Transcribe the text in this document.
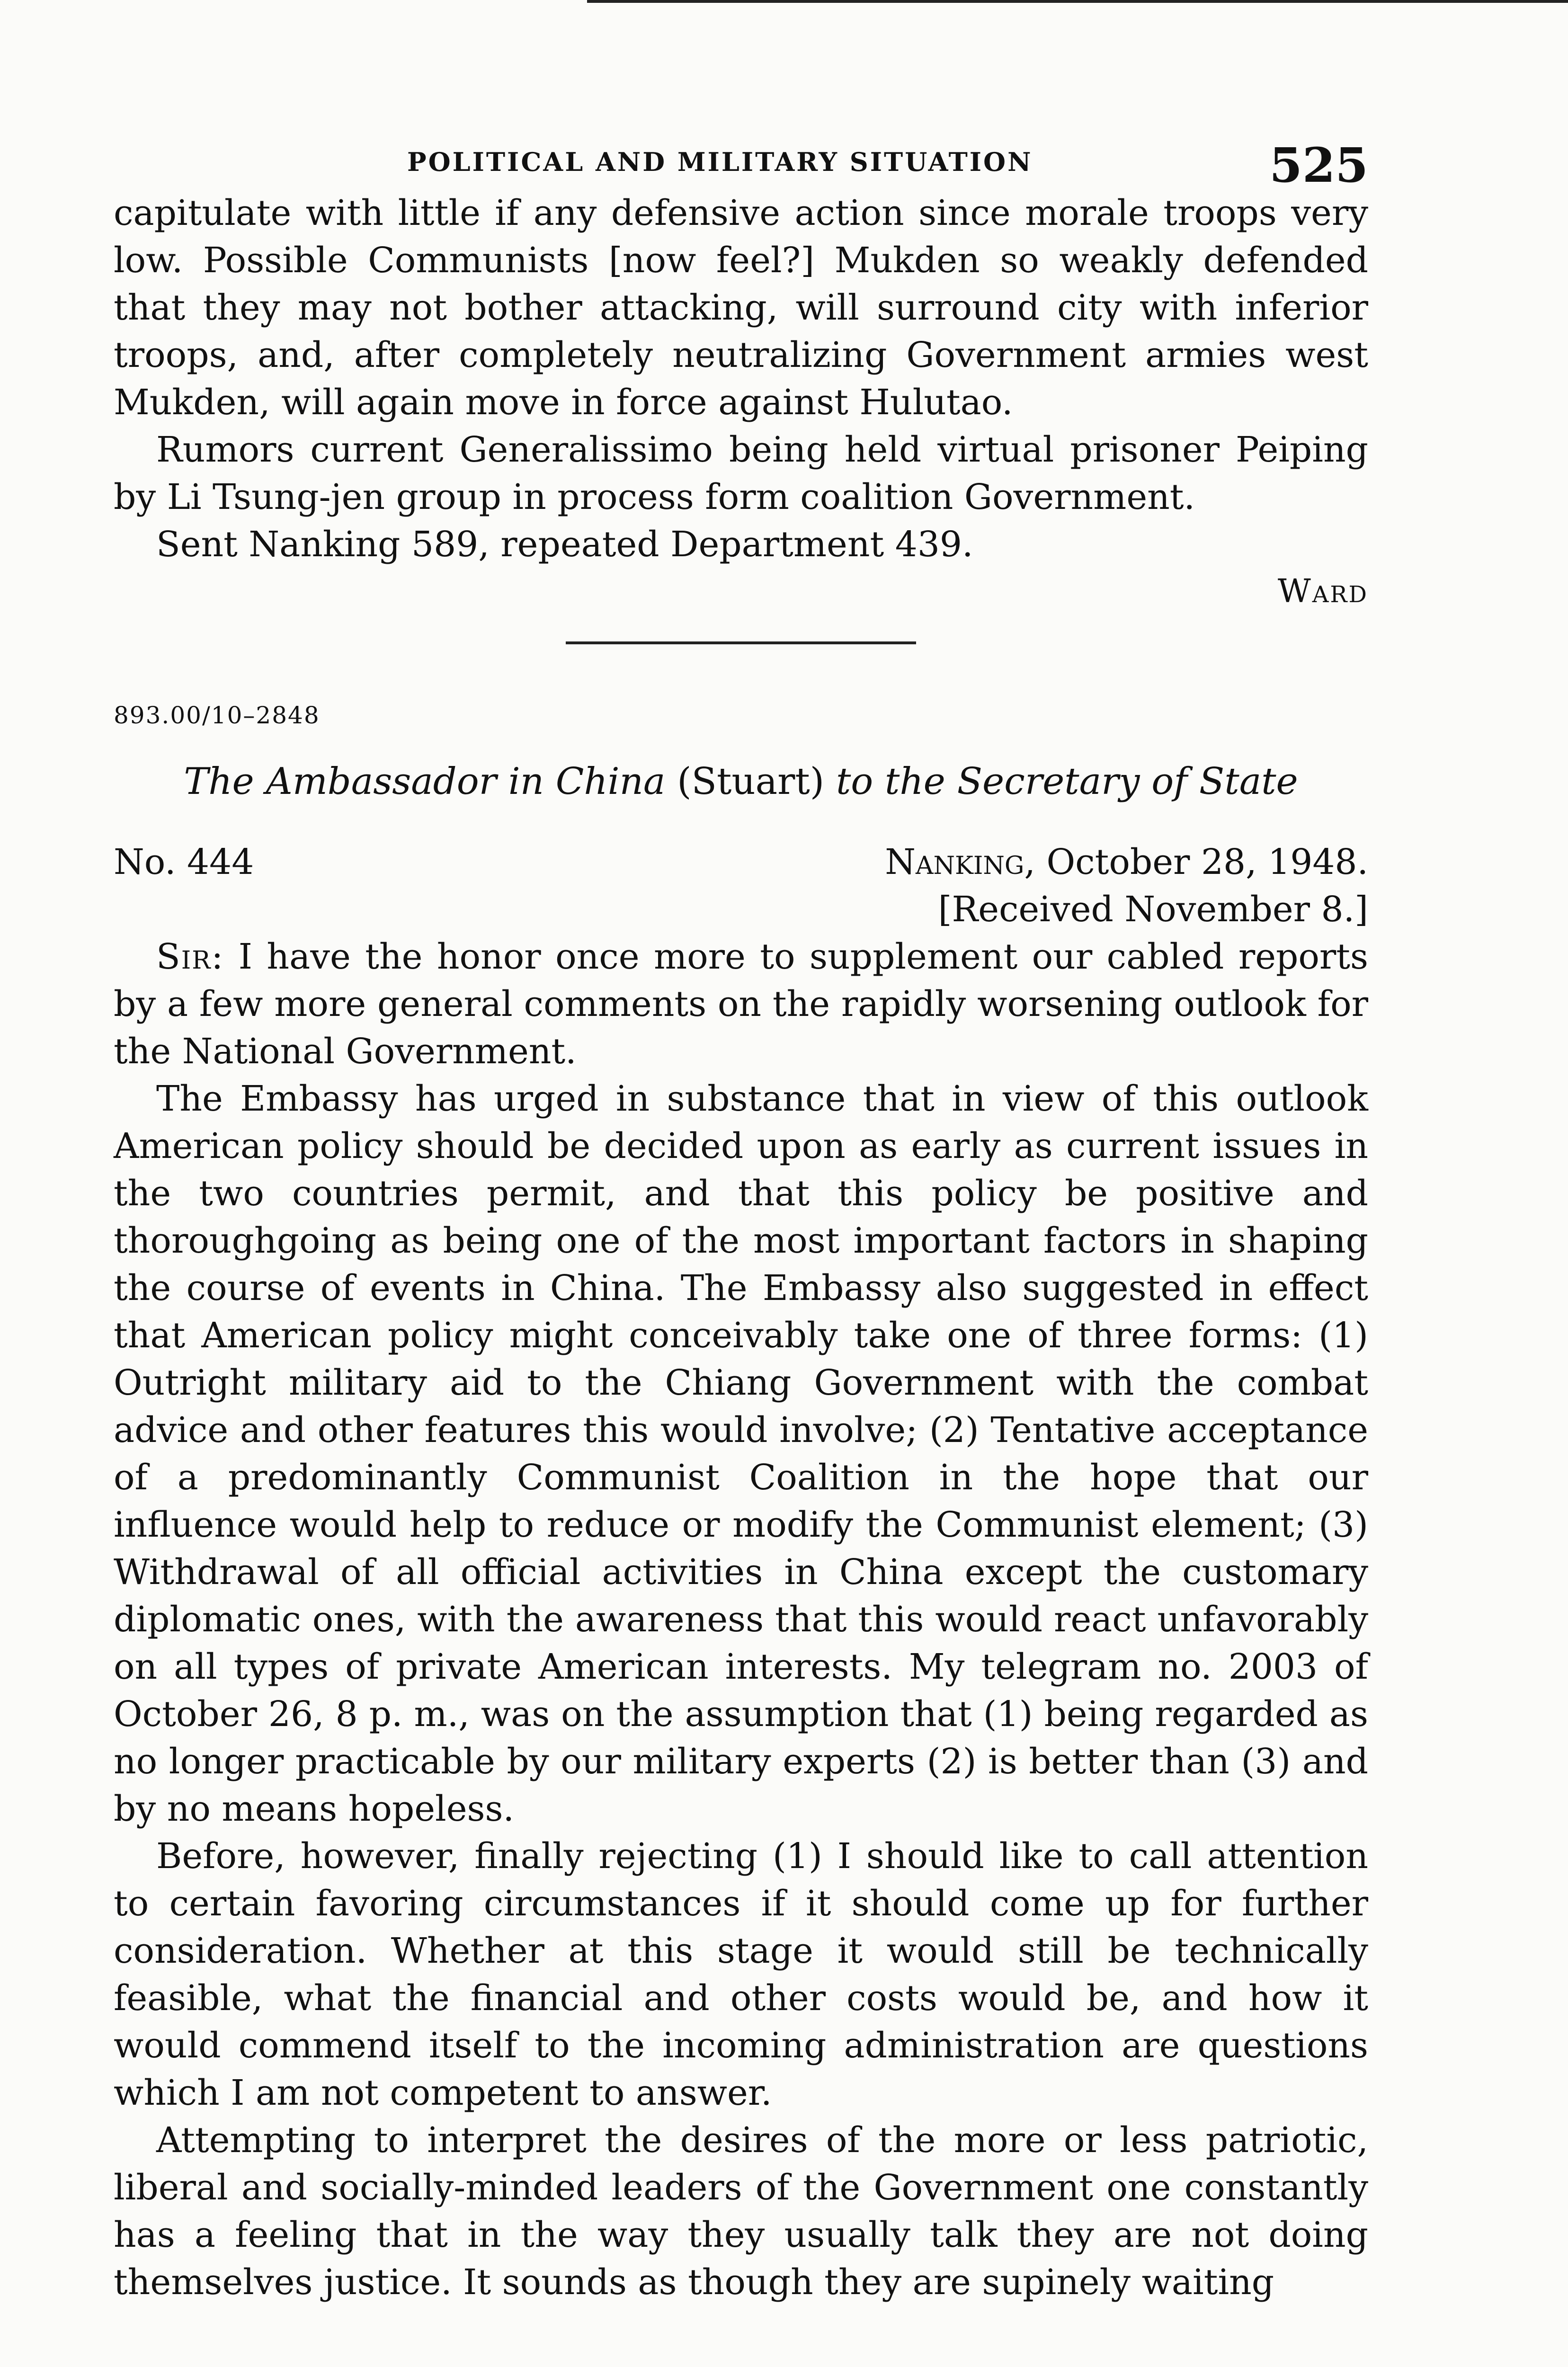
POLITICAL AND MILITARY SITUATION	525

capitulate with little if any defensive action since morale troops very low. Possible Communists [now feel?] Mukden so weakly defended that they may not bother attacking, will surround city with inferior troops, and, after completely neutralizing Government armies west Mukden, will again move in force against Hulutao.

Rumors current Generalissimo being held virtual prisoner Peiping by Li Tsung-jen group in process form coalition Government.

Sent Nanking 589, repeated Department 439.

Ward

893.00/10–2848

The Ambassador in China (Stuart) to the Secretary of State

No. 444	Nanking, October 28, 1948.

[Received November 8.]

Sir: I have the honor once more to supplement our cabled reports by a few more general comments on the rapidly worsening outlook for the National Government.

The Embassy has urged in substance that in view of this outlook American policy should be decided upon as early as current issues in the two countries permit, and that this policy be positive and thoroughgoing as being one of the most important factors in shaping the course of events in China. The Embassy also suggested in effect that American policy might conceivably take one of three forms: (1) Outright military aid to the Chiang Government with the combat advice and other features this would involve; (2) Tentative acceptance of a predominantly Communist Coalition in the hope that our influence would help to reduce or modify the Communist element; (3) Withdrawal of all official activities in China except the customary diplomatic ones, with the awareness that this would react unfavorably on all types of private American interests. My telegram no. 2003 of October 26, 8 p. m., was on the assumption that (1) being regarded as no longer practicable by our military experts (2) is better than (3) and by no means hopeless.

Before, however, finally rejecting (1) I should like to call attention to certain favoring circumstances if it should come up for further consideration. Whether at this stage it would still be technically feasible, what the financial and other costs would be, and how it would commend itself to the incoming administration are questions which I am not competent to answer.

Attempting to interpret the desires of the more or less patriotic, liberal and socially-minded leaders of the Government one constantly has a feeling that in the way they usually talk they are not doing themselves justice. It sounds as though they are supinely waiting
